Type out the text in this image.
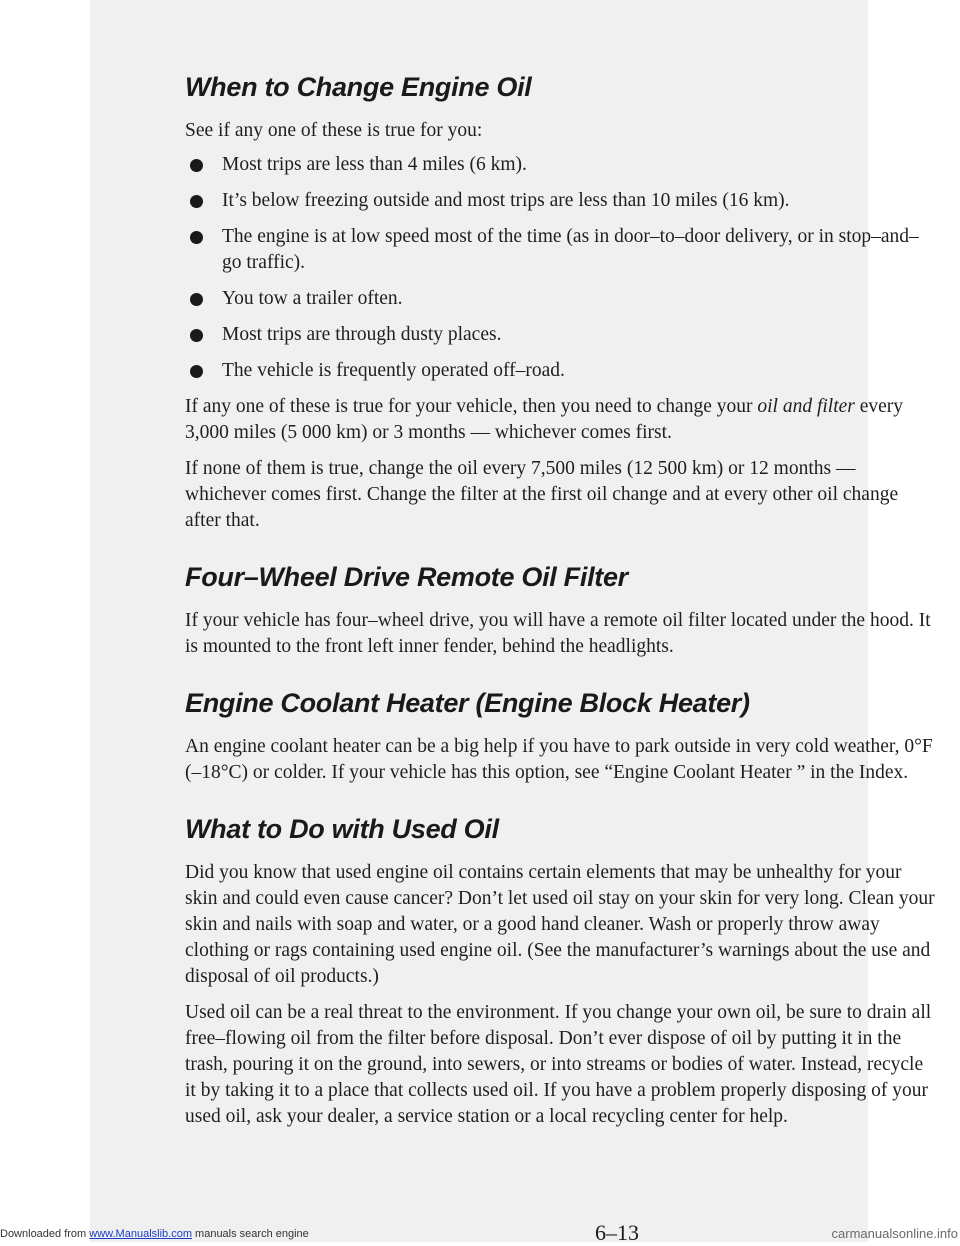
When to Change Engine Oil

See if any one of these is true for you:

Most trips are less than 4 miles (6 km).
It’s below freezing outside and most trips are less than 10 miles (16 km).
The engine is at low speed most of the time (as in door–to–door delivery, or in stop–and–go traffic).
You tow a trailer often.
Most trips are through dusty places.
The vehicle is frequently operated off–road.

If any one of these is true for your vehicle, then you need to change your oil and filter every 3,000 miles (5 000 km) or 3 months — whichever comes first.

If none of them is true, change the oil every 7,500 miles (12 500 km) or 12 months — whichever comes first. Change the filter at the first oil change and at every other oil change after that.

Four–Wheel Drive Remote Oil Filter

If your vehicle has four–wheel drive, you will have a remote oil filter located under the hood. It is mounted to the front left inner fender, behind the headlights.

Engine Coolant Heater (Engine Block Heater)

An engine coolant heater can be a big help if you have to park outside in very cold weather, 0°F (–18°C) or colder. If your vehicle has this option, see “Engine Coolant Heater ” in the Index.

What to Do with Used Oil

Did you know that used engine oil contains certain elements that may be unhealthy for your skin and could even cause cancer? Don’t let used oil stay on your skin for very long. Clean your skin and nails with soap and water, or a good hand cleaner. Wash or properly throw away clothing or rags containing used engine oil. (See the manufacturer’s warnings about the use and disposal of oil products.)

Used oil can be a real threat to the environment. If you change your own oil, be sure to drain all free–flowing oil from the filter before disposal. Don’t ever dispose of oil by putting it in the trash, pouring it on the ground, into sewers, or into streams or bodies of water. Instead, recycle it by taking it to a place that collects used oil. If you have a problem properly disposing of your used oil, ask your dealer, a service station or a local recycling center for help.

6–13
Downloaded from www.Manualslib.com manuals search engine	carmanualsonline.info
